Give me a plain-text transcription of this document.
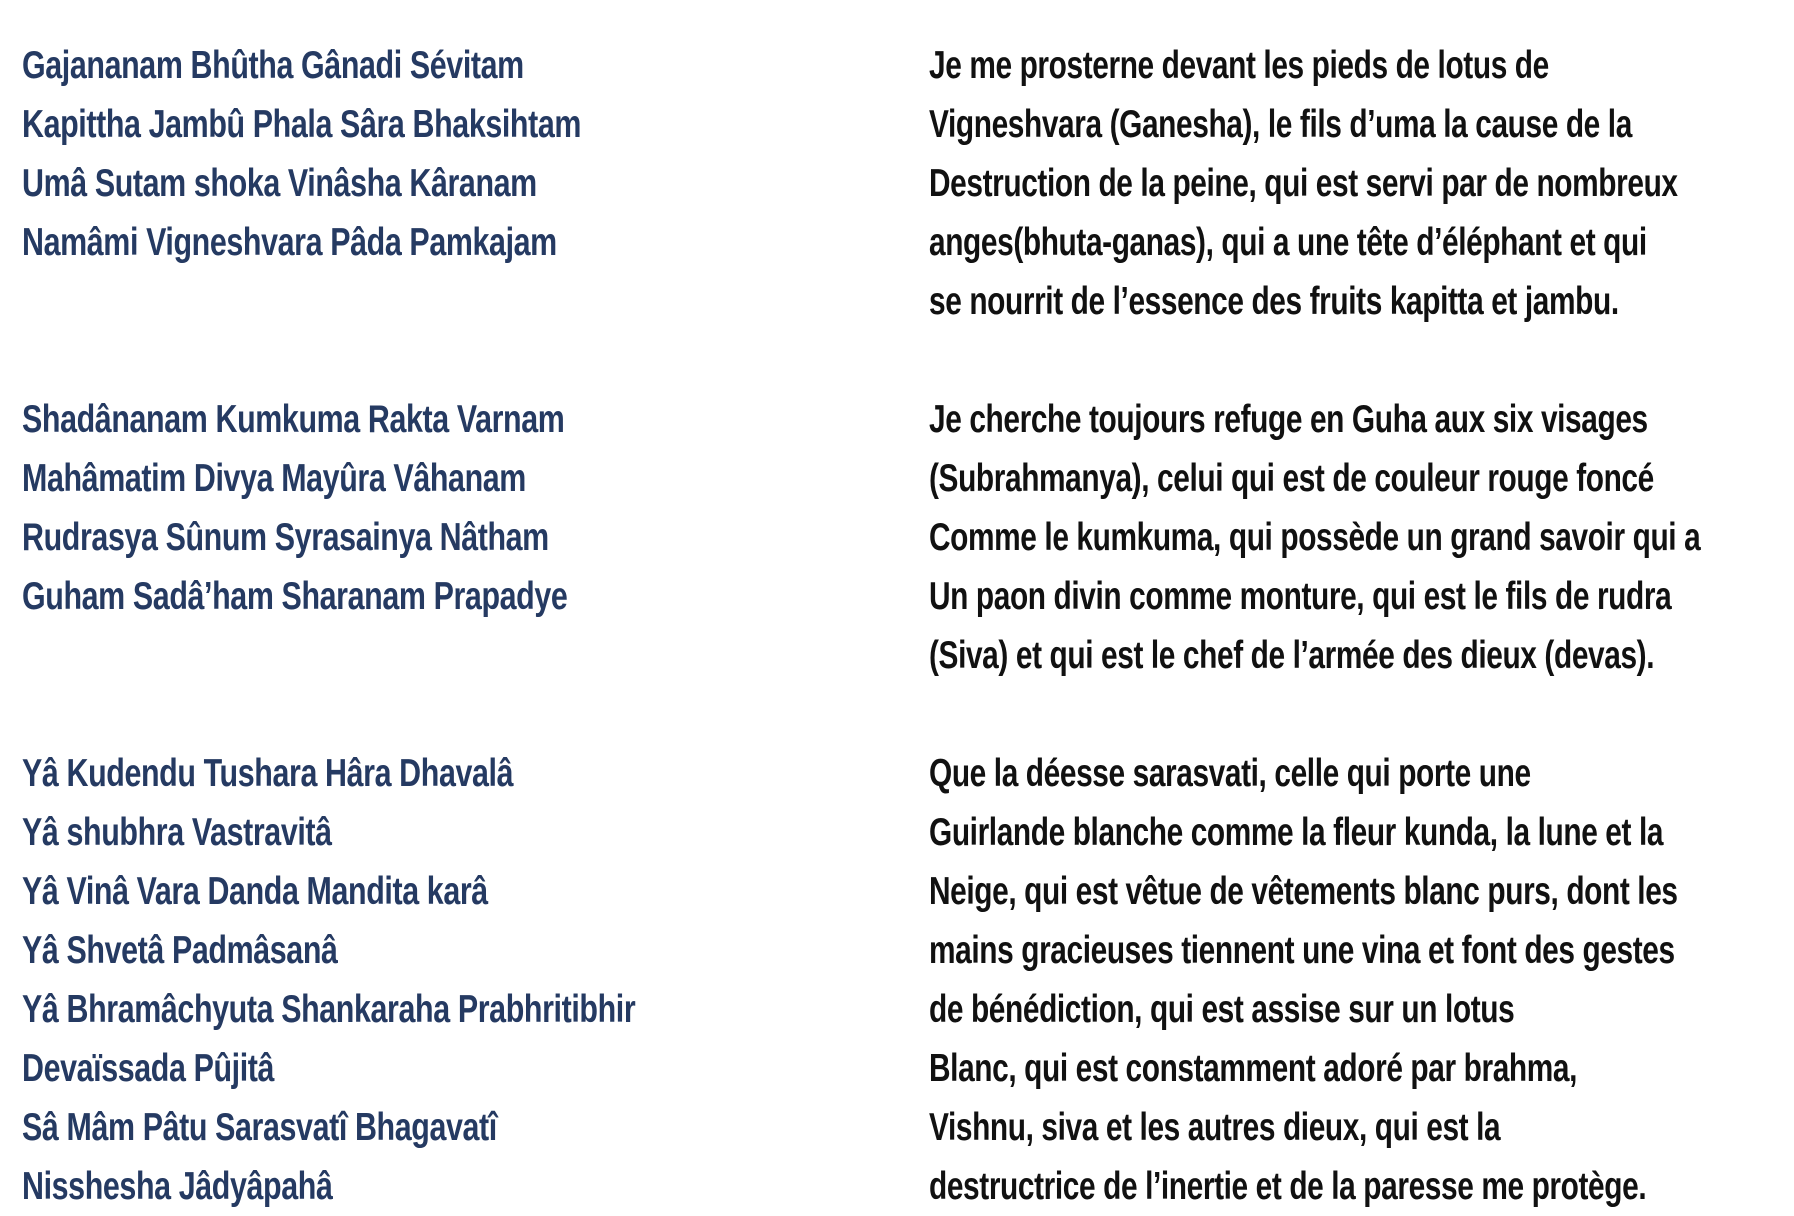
Gajananam Bhûtha Gânadi Sévitam
Kapittha Jambû Phala Sâra Bhaksihtam
Umâ Sutam shoka Vinâsha Kâranam
Namâmi Vigneshvara Pâda Pamkajam
Shadânanam Kumkuma Rakta Varnam
Mahâmatim Divya Mayûra Vâhanam
Rudrasya Sûnum Syrasainya Nâtham
Guham Sadâ’ham Sharanam Prapadye
Yâ Kudendu Tushara Hâra Dhavalâ
Yâ shubhra Vastravitâ
Yâ Vinâ Vara Danda Mandita karâ
Yâ Shvetâ Padmâsanâ
Yâ Bhramâchyuta Shankaraha Prabhritibhir
Devaïssada Pûjitâ
Sâ Mâm Pâtu Sarasvatî Bhagavatî
Nisshesha Jâdyâpahâ
Je me prosterne devant les pieds de lotus de
Vigneshvara (Ganesha), le fils d’uma la cause de la
Destruction de la peine, qui est servi par de nombreux
anges(bhuta-ganas), qui a une tête d’éléphant et qui
se nourrit de l’essence des fruits kapitta et jambu.
Je cherche toujours refuge en Guha aux six visages
(Subrahmanya), celui qui est de couleur rouge foncé
Comme le kumkuma, qui possède un grand savoir qui a
Un paon divin comme monture, qui est le fils de rudra
(Siva) et qui est le chef de l’armée des dieux (devas).
Que la déesse sarasvati, celle qui porte une
Guirlande blanche comme la fleur kunda, la lune et la
Neige, qui est vêtue de vêtements blanc purs, dont les
mains gracieuses tiennent une vina et font des gestes
de bénédiction, qui est assise sur un lotus
Blanc, qui est constamment adoré par brahma,
Vishnu, siva et les autres dieux, qui est la
destructrice de l’inertie et de la paresse me protège.
